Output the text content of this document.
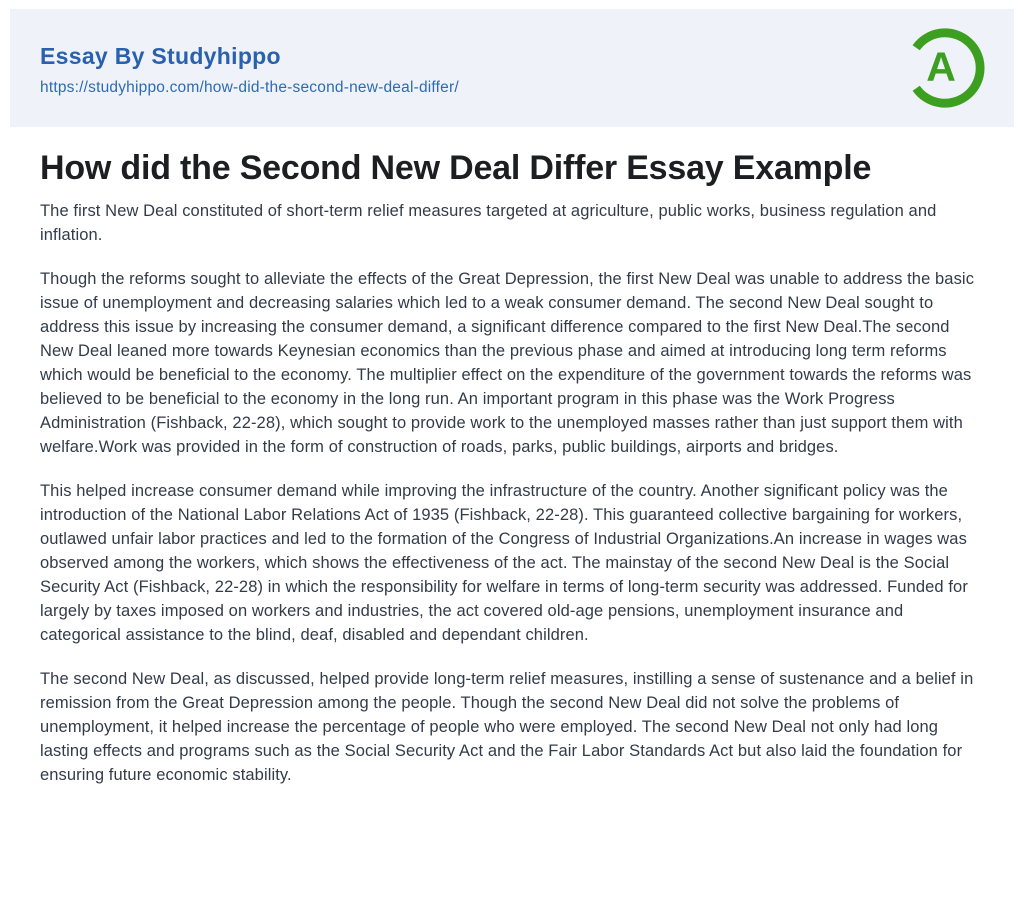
Essay By Studyhippo
https://studyhippo.com/how-did-the-second-new-deal-differ/	A
How did the Second New Deal Differ Essay Example

The first New Deal constituted of short-term relief measures targeted at agriculture, public works, business regulation and inflation.

Though the reforms sought to alleviate the effects of the Great Depression, the first New Deal was unable to address the basic issue of unemployment and decreasing salaries which led to a weak consumer demand. The second New Deal sought to address this issue by increasing the consumer demand, a significant difference compared to the first New Deal.The second New Deal leaned more towards Keynesian economics than the previous phase and aimed at introducing long term reforms which would be beneficial to the economy. The multiplier effect on the expenditure of the government towards the reforms was believed to be beneficial to the economy in the long run. An important program in this phase was the Work Progress Administration (Fishback, 22-28), which sought to provide work to the unemployed masses rather than just support them with welfare.Work was provided in the form of construction of roads, parks, public buildings, airports and bridges.

This helped increase consumer demand while improving the infrastructure of the country. Another significant policy was the introduction of the National Labor Relations Act of 1935 (Fishback, 22-28). This guaranteed collective bargaining for workers, outlawed unfair labor practices and led to the formation of the Congress of Industrial Organizations.An increase in wages was observed among the workers, which shows the effectiveness of the act. The mainstay of the second New Deal is the Social Security Act (Fishback, 22-28) in which the responsibility for welfare in terms of long-term security was addressed. Funded for largely by taxes imposed on workers and industries, the act covered old-age pensions, unemployment insurance and categorical assistance to the blind, deaf, disabled and dependant children.

The second New Deal, as discussed, helped provide long-term relief measures, instilling a sense of sustenance and a belief in remission from the Great Depression among the people. Though the second New Deal did not solve the problems of unemployment, it helped increase the percentage of people who were employed. The second New Deal not only had long lasting effects and programs such as the Social Security Act and the Fair Labor Standards Act but also laid the foundation for ensuring future economic stability.
